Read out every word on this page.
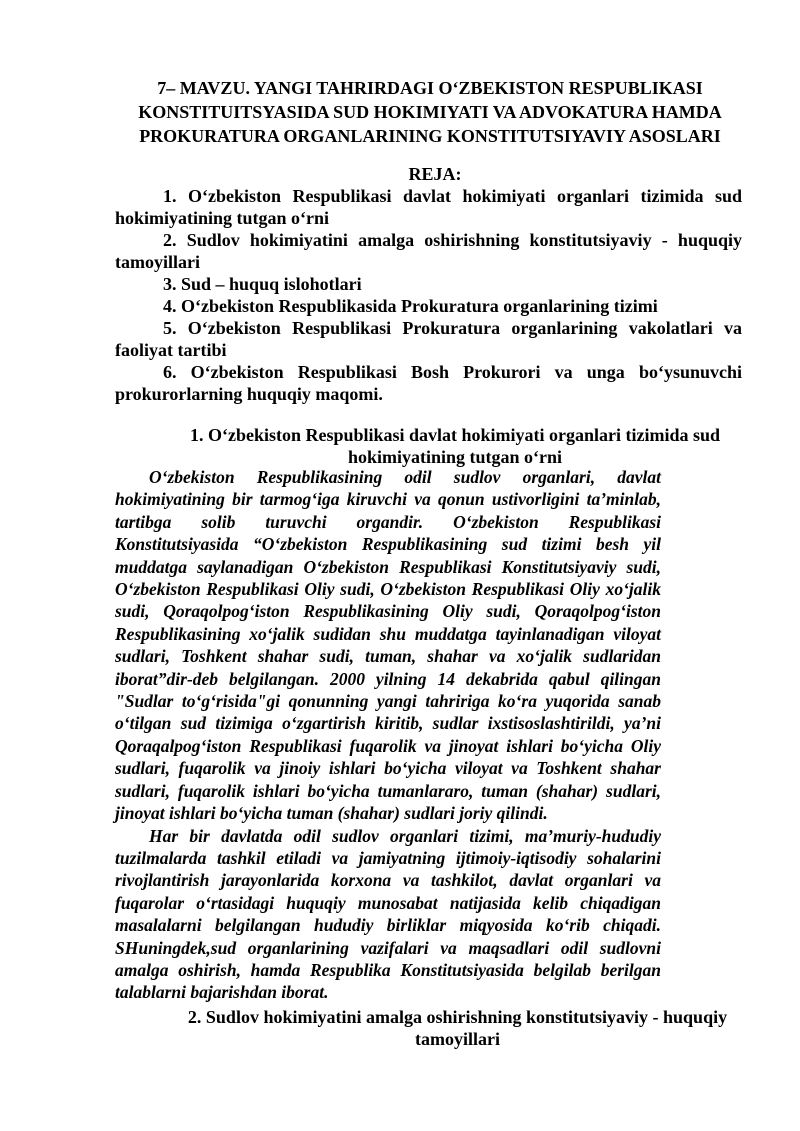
7– MAVZU. YANGI TAHRIRDAGI O‘ZBEKISTON RESPUBLIKASI
KONSTITUITSYASIDA SUD HOKIMIYATI VA ADVOKATURA HAMDA
PROKURATURA ORGANLARINING KONSTITUTSIYAVIY ASOSLARI
REJA:

1. O‘zbekiston Respublikasi davlat hokimiyati organlari tizimida sud hokimiyatining tutgan o‘rni

2. Sudlov hokimiyatini amalga oshirishning konstitutsiyaviy - huquqiy tamoyillari

3. Sud – huquq islohotlari

4. O‘zbekiston Respublikasida Prokuratura organlarining tizimi

5. O‘zbekiston Respublikasi Prokuratura organlarining vakolatlari va faoliyat tartibi

6. O‘zbekiston Respublikasi Bosh Prokurori va unga bo‘ysunuvchi prokurorlarning huquqiy maqomi.

1. O‘zbekiston Respublikasi davlat hokimiyati organlari tizimida sud
hokimiyatining tutgan o‘rni

O‘zbekiston Respublikasining odil sudlov organlari, davlat hokimiyatining bir tarmog‘iga kiruvchi va qonun ustivorligini ta’minlab, tartibga solib turuvchi organdir. O‘zbekiston Respublikasi Konstitutsiyasida “O‘zbekiston Respublikasining sud tizimi besh yil muddatga saylanadigan O‘zbekiston Respublikasi Konstitutsiyaviy sudi, O‘zbekiston Respublikasi Oliy sudi, O‘zbekiston Respublikasi Oliy xo‘jalik sudi, Qoraqolpog‘iston Respublikasining Oliy sudi, Qoraqolpog‘iston Respublikasining xo‘jalik sudidan shu muddatga tayinlanadigan viloyat sudlari, Toshkent shahar sudi, tuman, shahar va xo‘jalik sudlaridan iborat”dir-deb belgilangan. 2000 yilning 14 dekabrida qabul qilingan "Sudlar to‘g‘risida"gi qonunning yangi tahririga ko‘ra yuqorida sanab o‘tilgan sud tizimiga o‘zgartirish kiritib, sudlar ixstisoslashtirildi, ya’ni Qoraqalpog‘iston Respublikasi fuqarolik va jinoyat ishlari bo‘yicha Oliy sudlari, fuqarolik va jinoiy ishlari bo‘yicha viloyat va Toshkent shahar sudlari, fuqarolik ishlari bo‘yicha tumanlararo, tuman (shahar) sudlari, jinoyat ishlari bo‘yicha tuman (shahar) sudlari joriy qilindi.

Har bir davlatda odil sudlov organlari tizimi, ma’muriy-hududiy tuzilmalarda tashkil etiladi va jamiyatning ijtimoiy-iqtisodiy sohalarini rivojlantirish jarayonlarida korxona va tashkilot, davlat organlari va fuqarolar o‘rtasidagi huquqiy munosabat natijasida kelib chiqadigan masalalarni belgilangan hududiy birliklar miqyosida ko‘rib chiqadi. SHuningdek,sud organlarining vazifalari va maqsadlari odil sudlovni amalga oshirish, hamda Respublika Konstitutsiyasida belgilab berilgan talablarni bajarishdan iborat.

2. Sudlov hokimiyatini amalga oshirishning konstitutsiyaviy - huquqiy
tamoyillari
